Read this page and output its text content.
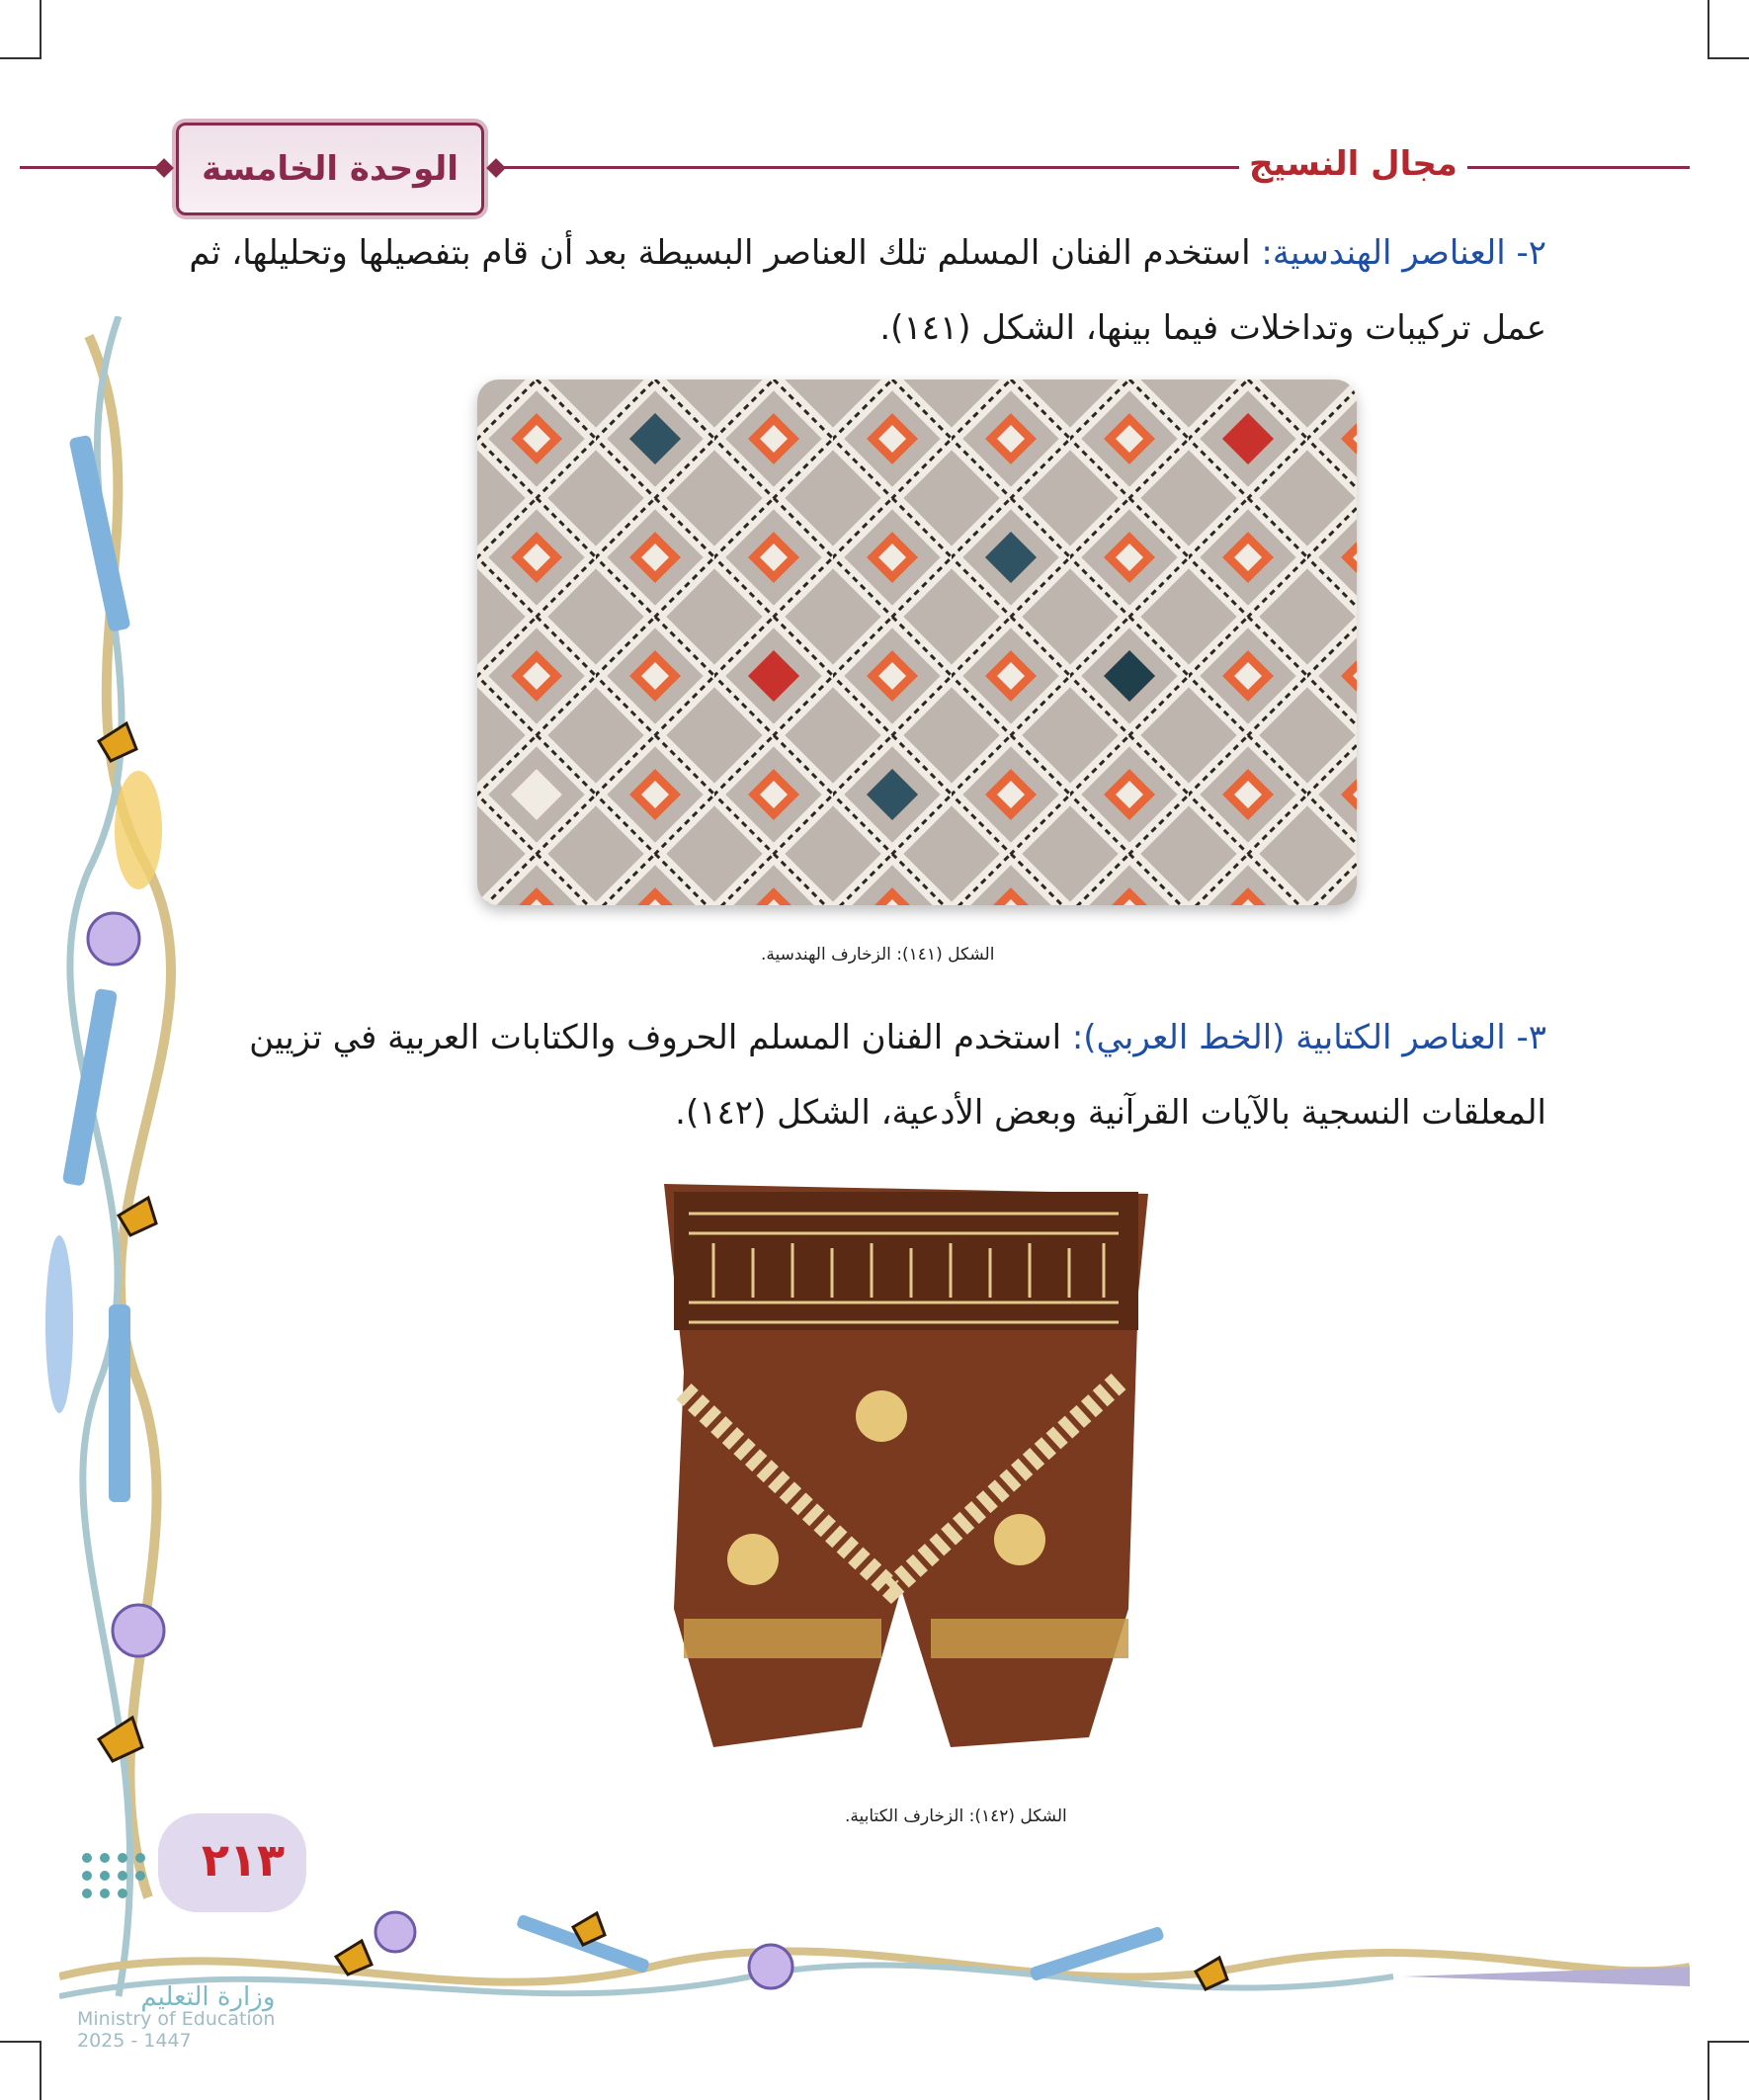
الوحدة الخامسة	مجال النسيج
٢- العناصر الهندسية: استخدم الفنان المسلم تلك العناصر البسيطة بعد أن قام بتفصيلها وتحليلها، ثم عمل تركيبات وتداخلات فيما بينها، الشكل (١٤١).
الشكل (١٤١): الزخارف الهندسية.
٣- العناصر الكتابية (الخط العربي): استخدم الفنان المسلم الحروف والكتابات العربية في تزيين المعلقات النسجية بالآيات القرآنية وبعض الأدعية، الشكل (١٤٢).
الشكل (١٤٢): الزخارف الكتابية.
٢١٣
وزارة التعليم
Ministry of Education
2025 - 1447
